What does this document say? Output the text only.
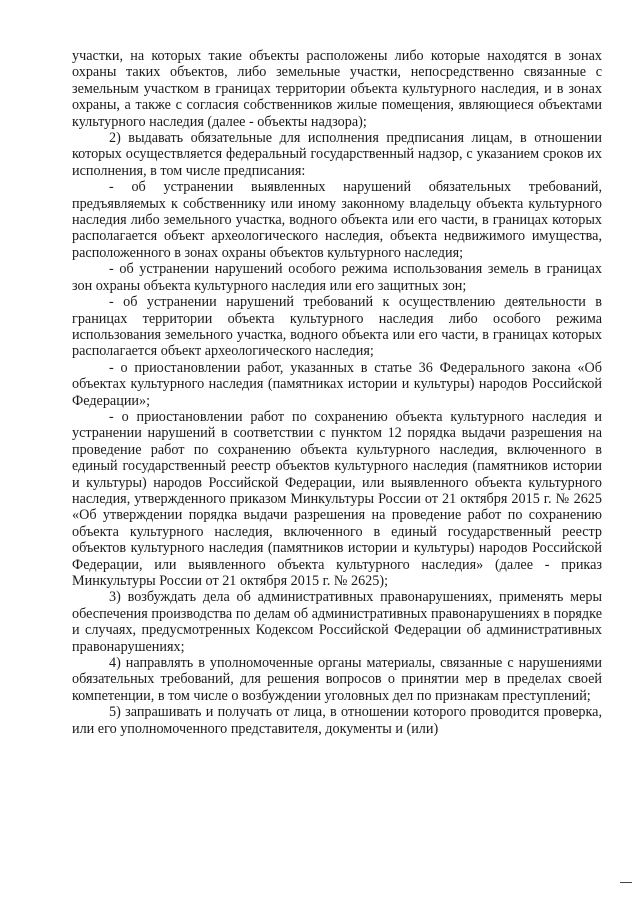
участки, на которых такие объекты расположены либо которые находятся в зонах охраны таких объектов, либо земельные участки, непосредственно связанные с земельным участком в границах территории объекта культурного наследия, и в зонах охраны, а также с согласия собственников жилые помещения, являющиеся объектами культурного наследия (далее - объекты надзора);

2) выдавать обязательные для исполнения предписания лицам, в отношении которых осуществляется федеральный государственный надзор, с указанием сроков их исполнения, в том числе предписания:

- об устранении выявленных нарушений обязательных требований, предъявляемых к собственнику или иному законному владельцу объекта культурного наследия либо земельного участка, водного объекта или его части, в границах которых располагается объект археологического наследия, объекта недвижимого имущества, расположенного в зонах охраны объектов культурного наследия;

- об устранении нарушений особого режима использования земель в границах зон охраны объекта культурного наследия или его защитных зон;

- об устранении нарушений требований к осуществлению деятельности в границах территории объекта культурного наследия либо особого режима использования земельного участка, водного объекта или его части, в границах которых располагается объект археологического наследия;

- о приостановлении работ, указанных в статье 36 Федерального закона «Об объектах культурного наследия (памятниках истории и культуры) народов Российской Федерации»;

- о приостановлении работ по сохранению объекта культурного наследия и устранении нарушений в соответствии с пунктом 12 порядка выдачи разрешения на проведение работ по сохранению объекта культурного наследия, включенного в единый государственный реестр объектов культурного наследия (памятников истории и культуры) народов Российской Федерации, или выявленного объекта культурного наследия, утвержденного приказом Минкультуры России от 21 октября 2015 г. № 2625 «Об утверждении порядка выдачи разрешения на проведение работ по сохранению объекта культурного наследия, включенного в единый государственный реестр объектов культурного наследия (памятников истории и культуры) народов Российской Федерации, или выявленного объекта культурного наследия» (далее - приказ Минкультуры России от 21 октября 2015 г. № 2625);

3) возбуждать дела об административных правонарушениях, применять меры обеспечения производства по делам об административных правонарушениях в порядке и случаях, предусмотренных Кодексом Российской Федерации об административных правонарушениях;

4) направлять в уполномоченные органы материалы, связанные с нарушениями обязательных требований, для решения вопросов о принятии мер в пределах своей компетенции, в том числе о возбуждении уголовных дел по признакам преступлений;

5) запрашивать и получать от лица, в отношении которого проводится проверка, или его уполномоченного представителя, документы и (или)
